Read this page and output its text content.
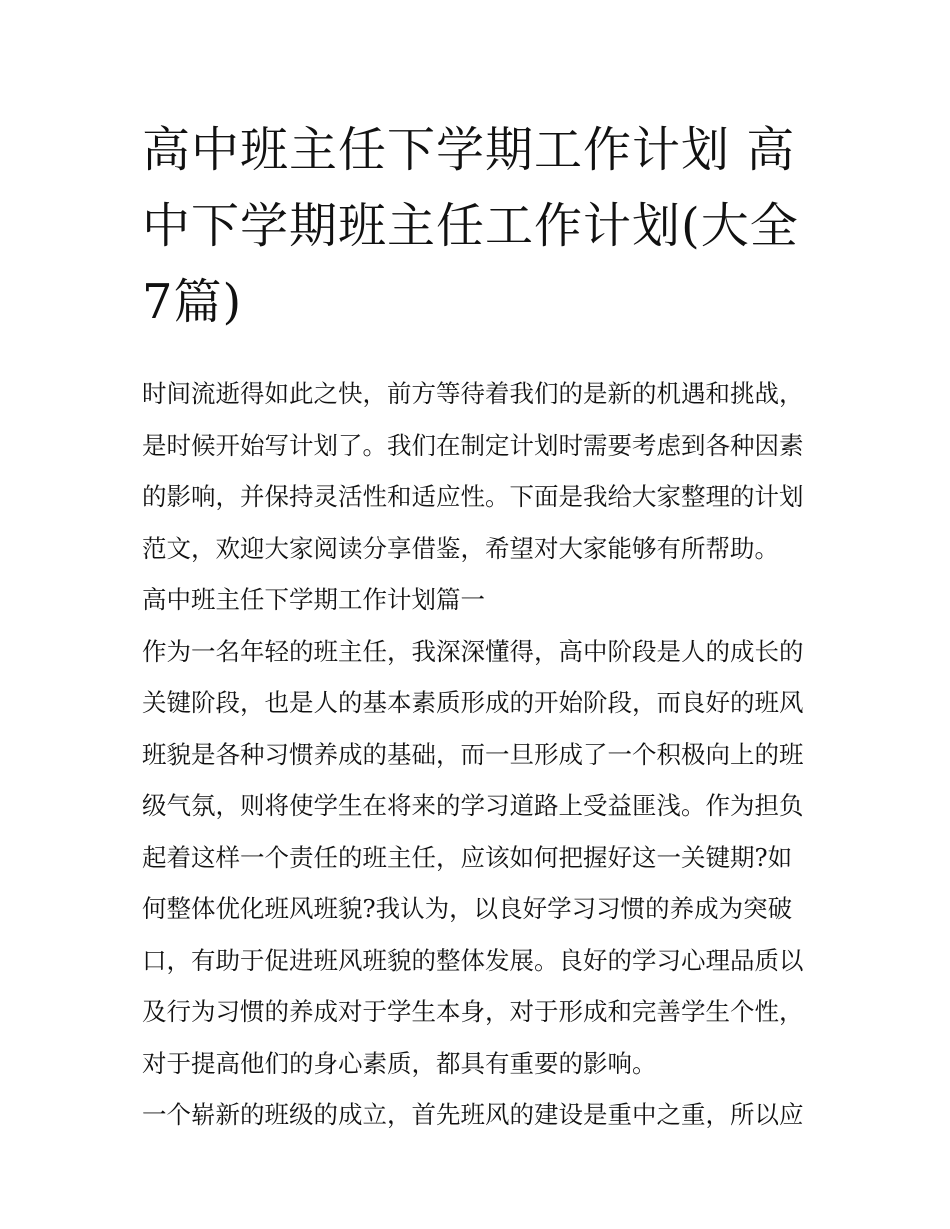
高中班主任下学期工作计划 高中下学期班主任工作计划(大全7篇)

时间流逝得如此之快，前方等待着我们的是新的机遇和挑战，是时候开始写计划了。我们在制定计划时需要考虑到各种因素的影响，并保持灵活性和适应性。下面是我给大家整理的计划范文，欢迎大家阅读分享借鉴，希望对大家能够有所帮助。

高中班主任下学期工作计划篇一

作为一名年轻的班主任，我深深懂得，高中阶段是人的成长的关键阶段，也是人的基本素质形成的开始阶段，而良好的班风班貌是各种习惯养成的基础，而一旦形成了一个积极向上的班级气氛，则将使学生在将来的学习道路上受益匪浅。作为担负起着这样一个责任的班主任，应该如何把握好这一关键期?如何整体优化班风班貌?我认为，以良好学习习惯的养成为突破口，有助于促进班风班貌的整体发展。良好的学习心理品质以及行为习惯的养成对于学生本身，对于形成和完善学生个性，对于提高他们的身心素质，都具有重要的影响。

一个崭新的班级的成立，首先班风的建设是重中之重，所以应
